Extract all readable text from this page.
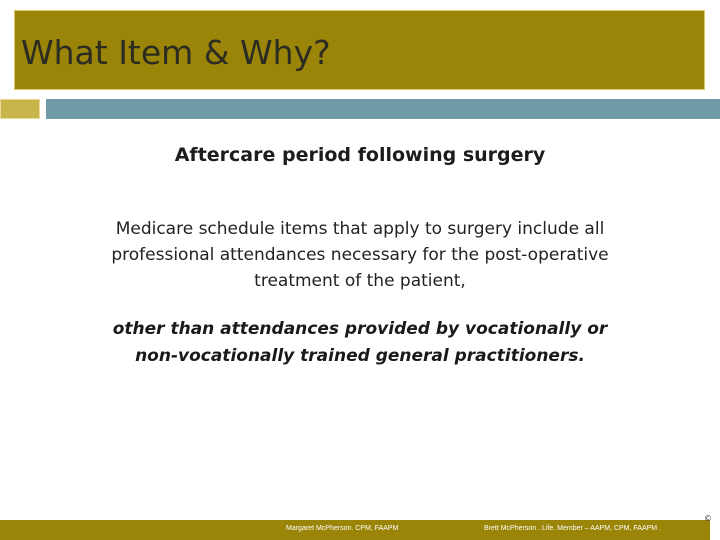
What Item & Why?
Aftercare period following surgery
Medicare schedule items that apply to surgery include all
professional attendances necessary for the post-operative
treatment of the patient,
other than attendances provided by vocationally or
non-vocationally trained general practitioners.
Margaret McPherson. CPM, FAAPM	Brett McPherson . Life. Member – AAPM, CPM, FAAPM .
©
